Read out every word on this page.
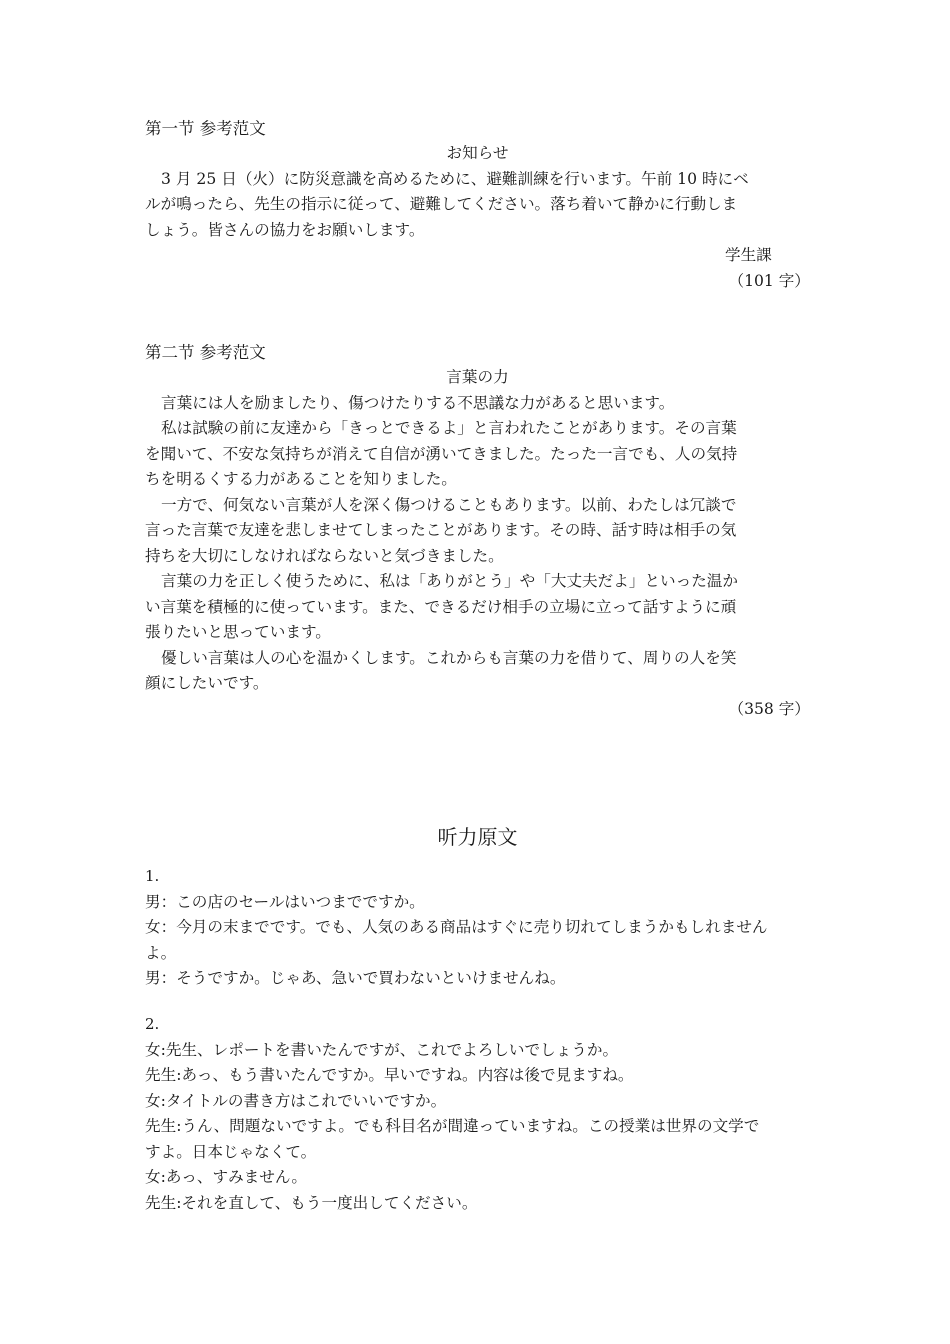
第一节 参考范文
お知らせ
3 月 25 日（火）に防災意識を高めるために、避難訓練を行います。午前 10 時にベ
ルが鳴ったら、先生の指示に従って、避難してください。落ち着いて静かに行動しま
しょう。皆さんの協力をお願いします。
学生課
（101 字）
第二节 参考范文
言葉の力
言葉には人を励ましたり、傷つけたりする不思議な力があると思います。
私は試験の前に友達から「きっとできるよ」と言われたことがあります。その言葉
を聞いて、不安な気持ちが消えて自信が湧いてきました。たった一言でも、人の気持
ちを明るくする力があることを知りました。
一方で、何気ない言葉が人を深く傷つけることもあります。以前、わたしは冗談で
言った言葉で友達を悲しませてしまったことがあります。その時、話す時は相手の気
持ちを大切にしなければならないと気づきました。
言葉の力を正しく使うために、私は「ありがとう」や「大丈夫だよ」といった温か
い言葉を積極的に使っています。また、できるだけ相手の立場に立って話すように頑
張りたいと思っています。
優しい言葉は人の心を温かくします。これからも言葉の力を借りて、周りの人を笑
顔にしたいです。
（358 字）
听力原文
1.
男：この店のセールはいつまでですか。
女：今月の末までです。でも、人気のある商品はすぐに売り切れてしまうかもしれません
よ。
男：そうですか。じゃあ、急いで買わないといけませんね。
2.
女:先生、レポートを書いたんですが、これでよろしいでしょうか。
先生:あっ、もう書いたんですか。早いですね。内容は後で見ますね。
女:タイトルの書き方はこれでいいですか。
先生:うん、問題ないですよ。でも科目名が間違っていますね。この授業は世界の文学で
すよ。日本じゃなくて。
女:あっ、すみません。
先生:それを直して、もう一度出してください。
